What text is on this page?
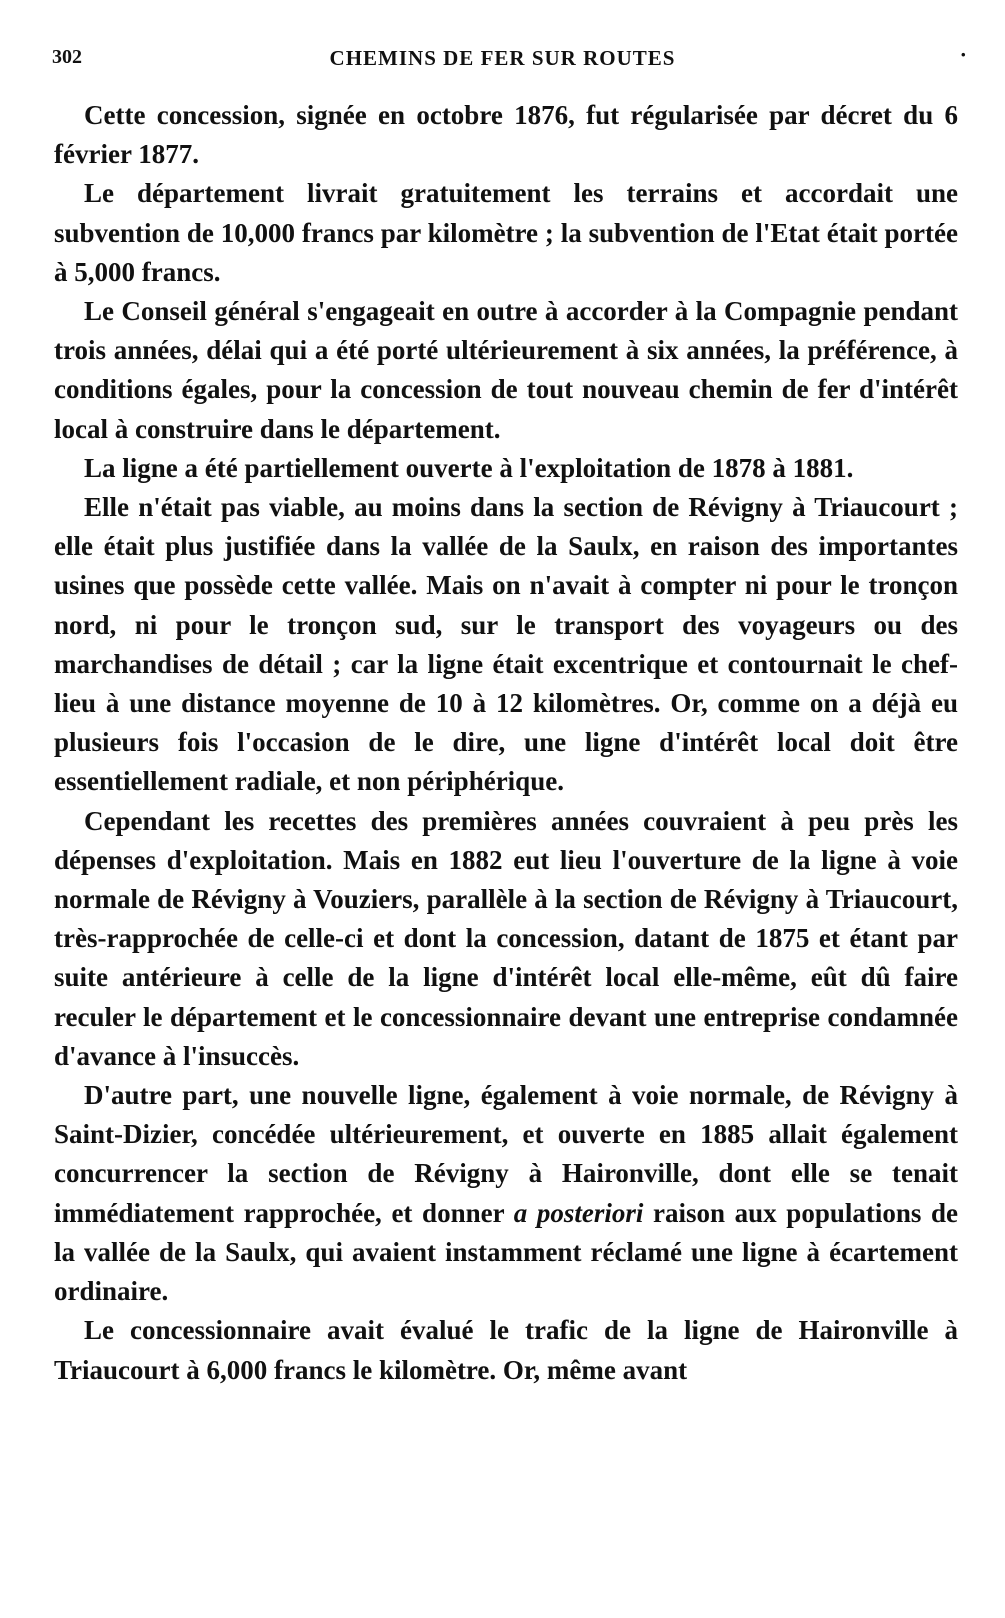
302	CHEMINS DE FER SUR ROUTES	·

Cette concession, signée en octobre 1876, fut régularisée par décret du 6 février 1877.

Le département livrait gratuitement les terrains et accordait une subvention de 10,000 francs par kilomètre ; la subvention de l'Etat était portée à 5,000 francs.

Le Conseil général s'engageait en outre à accorder à la Compagnie pendant trois années, délai qui a été porté ultérieurement à six années, la préférence, à conditions égales, pour la concession de tout nouveau chemin de fer d'intérêt local à construire dans le département.

La ligne a été partiellement ouverte à l'exploitation de 1878 à 1881.

Elle n'était pas viable, au moins dans la section de Révigny à Triaucourt ; elle était plus justifiée dans la vallée de la Saulx, en raison des importantes usines que possède cette vallée. Mais on n'avait à compter ni pour le tronçon nord, ni pour le tronçon sud, sur le transport des voyageurs ou des marchandises de détail ; car la ligne était excentrique et contournait le chef-lieu à une distance moyenne de 10 à 12 kilomètres. Or, comme on a déjà eu plusieurs fois l'occasion de le dire, une ligne d'intérêt local doit être essentiellement radiale, et non périphérique.

Cependant les recettes des premières années couvraient à peu près les dépenses d'exploitation. Mais en 1882 eut lieu l'ouverture de la ligne à voie normale de Révigny à Vouziers, parallèle à la section de Révigny à Triaucourt, très-rapprochée de celle-ci et dont la concession, datant de 1875 et étant par suite antérieure à celle de la ligne d'intérêt local elle-même, eût dû faire reculer le département et le concessionnaire devant une entreprise condamnée d'avance à l'insuccès.

D'autre part, une nouvelle ligne, également à voie normale, de Révigny à Saint-Dizier, concédée ultérieurement, et ouverte en 1885 allait également concurrencer la section de Révigny à Haironville, dont elle se tenait immédiatement rapprochée, et donner a posteriori raison aux populations de la vallée de la Saulx, qui avaient instamment réclamé une ligne à écartement ordinaire.

Le concessionnaire avait évalué le trafic de la ligne de Haironville à Triaucourt à 6,000 francs le kilomètre. Or, même avant
